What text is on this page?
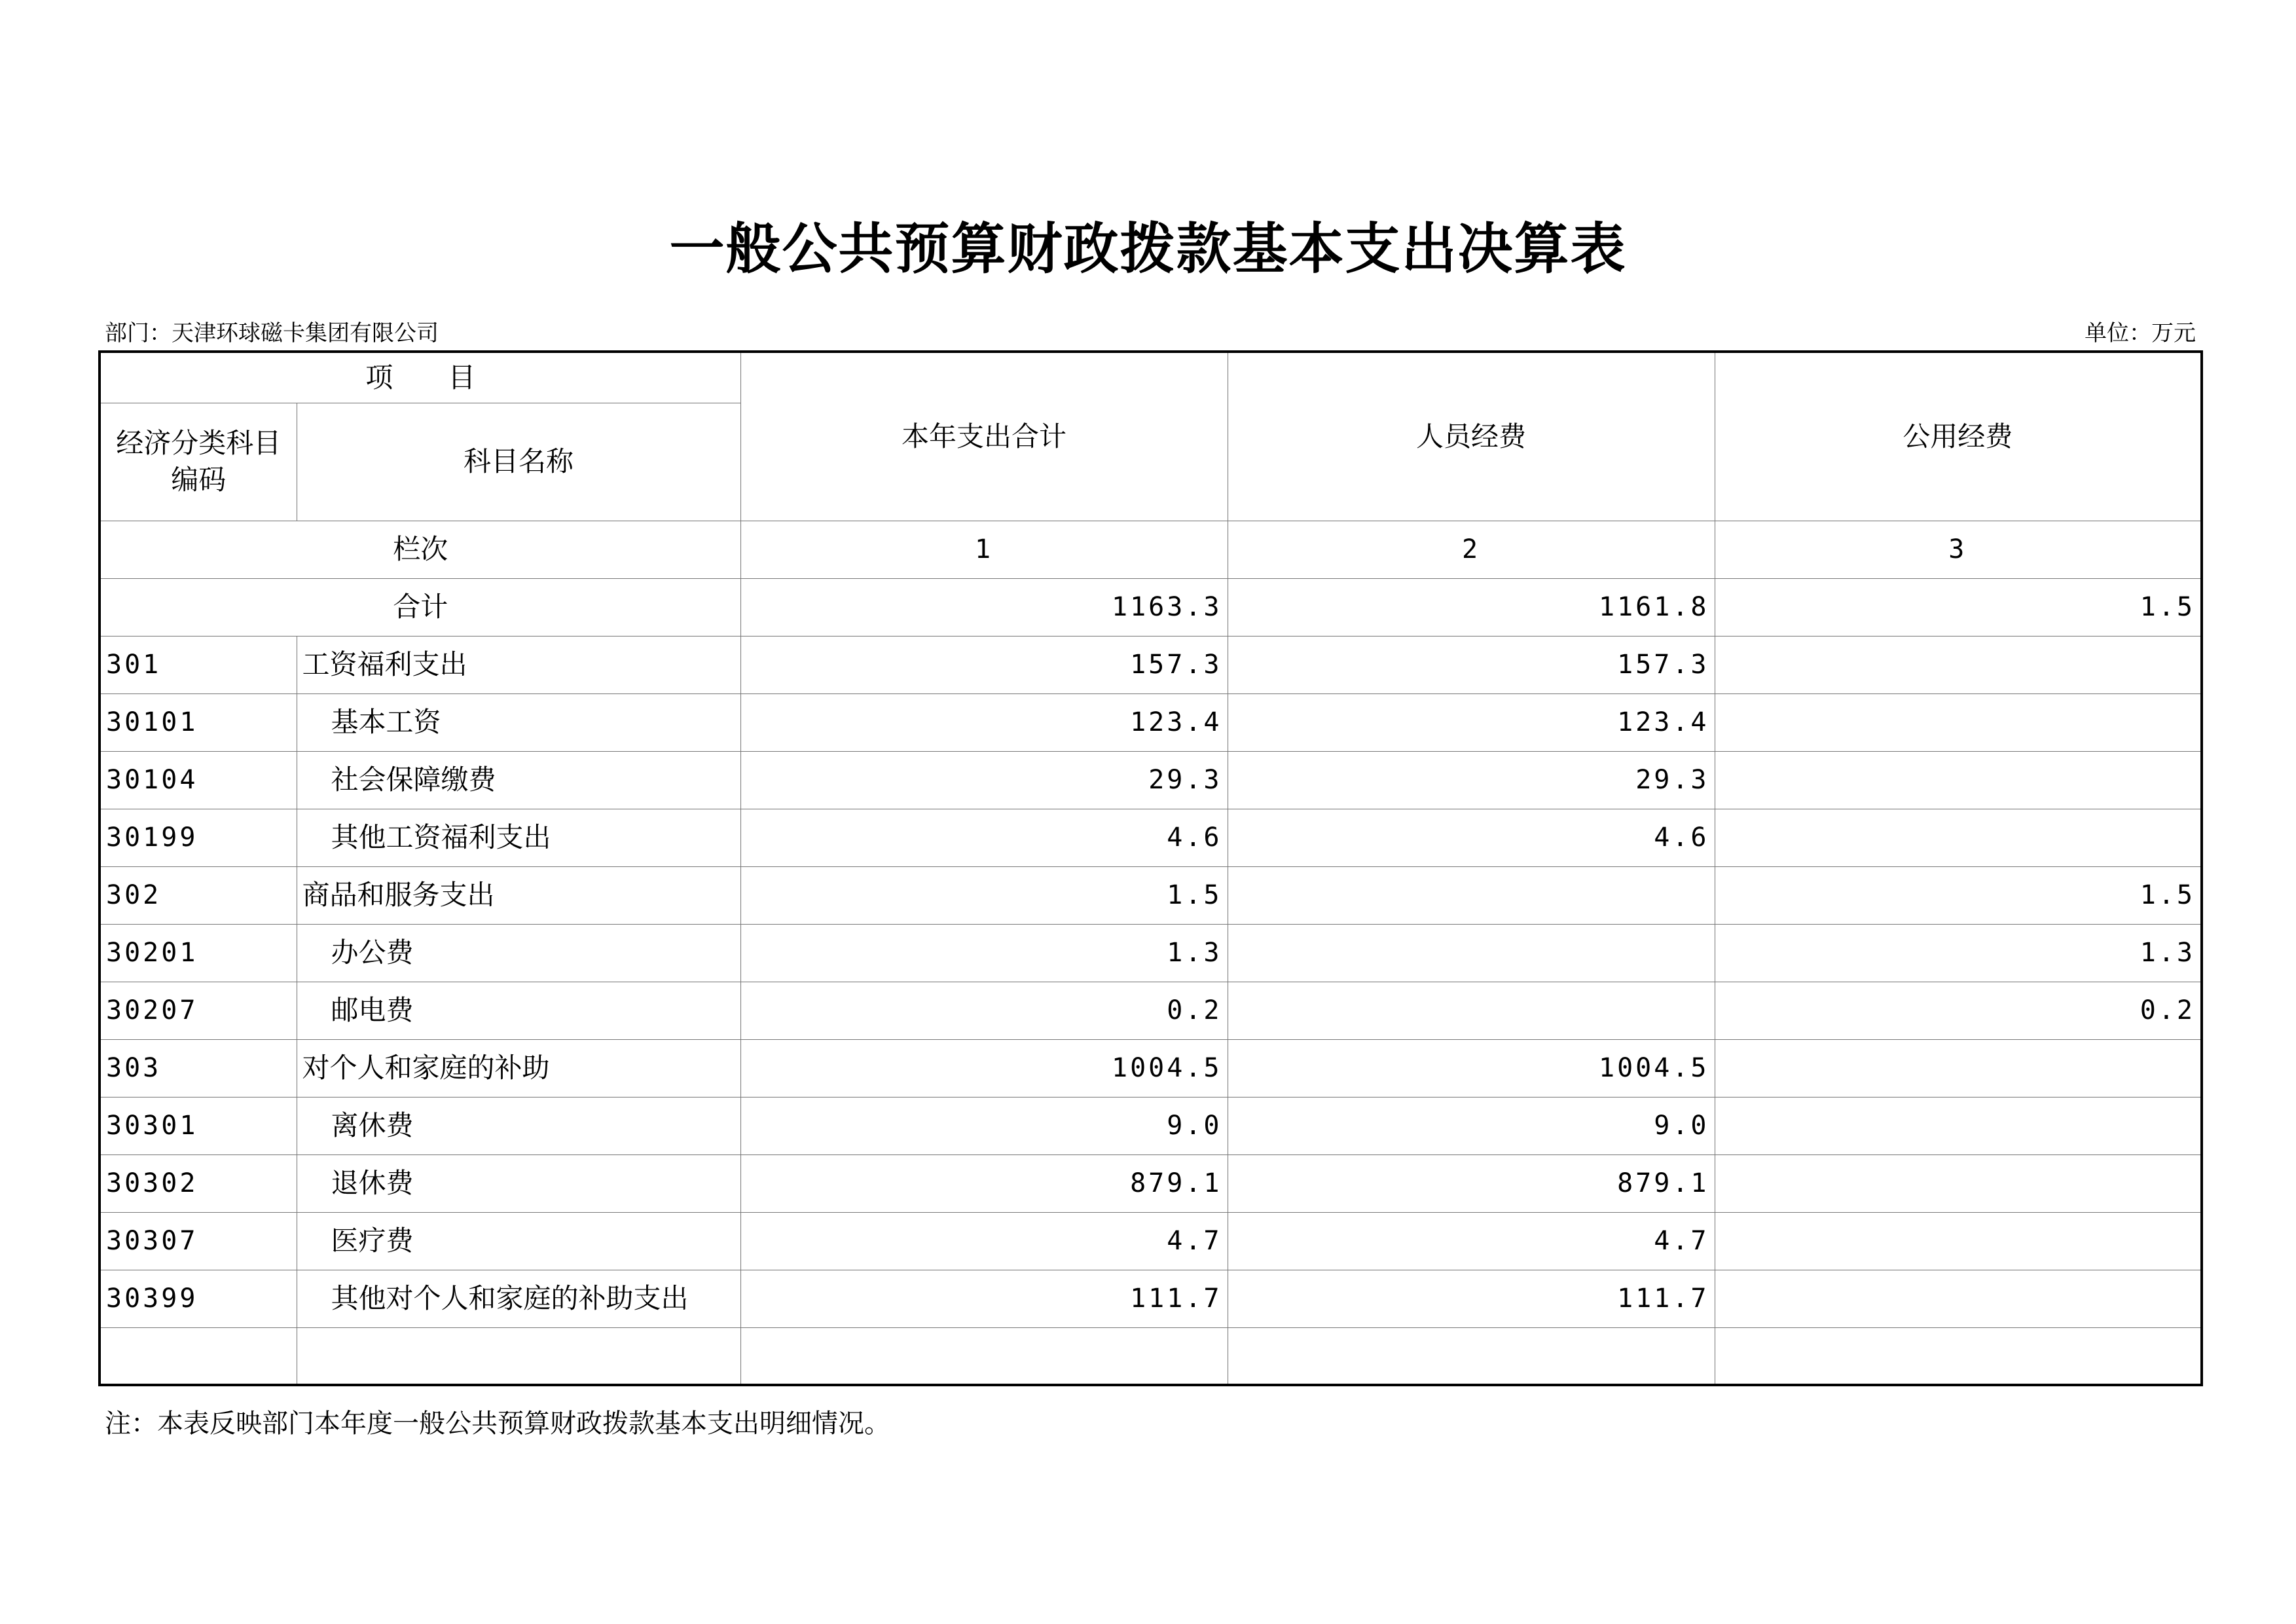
一般公共预算财政拨款基本支出决算表
部门：天津环球磁卡集团有限公司	单位：万元
项　　目		本年支出合计	人员经费	公用经费
经济分类科目编码	科目名称			
栏次		1	2	3
合计		1163.3	1161.8	1.5
301	工资福利支出	157.3	157.3	
30101	基本工资	123.4	123.4	
30104	社会保障缴费	29.3	29.3	
30199	其他工资福利支出	4.6	4.6	
302	商品和服务支出	1.5		1.5
30201	办公费	1.3		1.3
30207	邮电费	0.2		0.2
303	对个人和家庭的补助	1004.5	1004.5	
30301	离休费	9.0	9.0	
30302	退休费	879.1	879.1	
30307	医疗费	4.7	4.7	
30399	其他对个人和家庭的补助支出	111.7	111.7	

注：本表反映部门本年度一般公共预算财政拨款基本支出明细情况。
